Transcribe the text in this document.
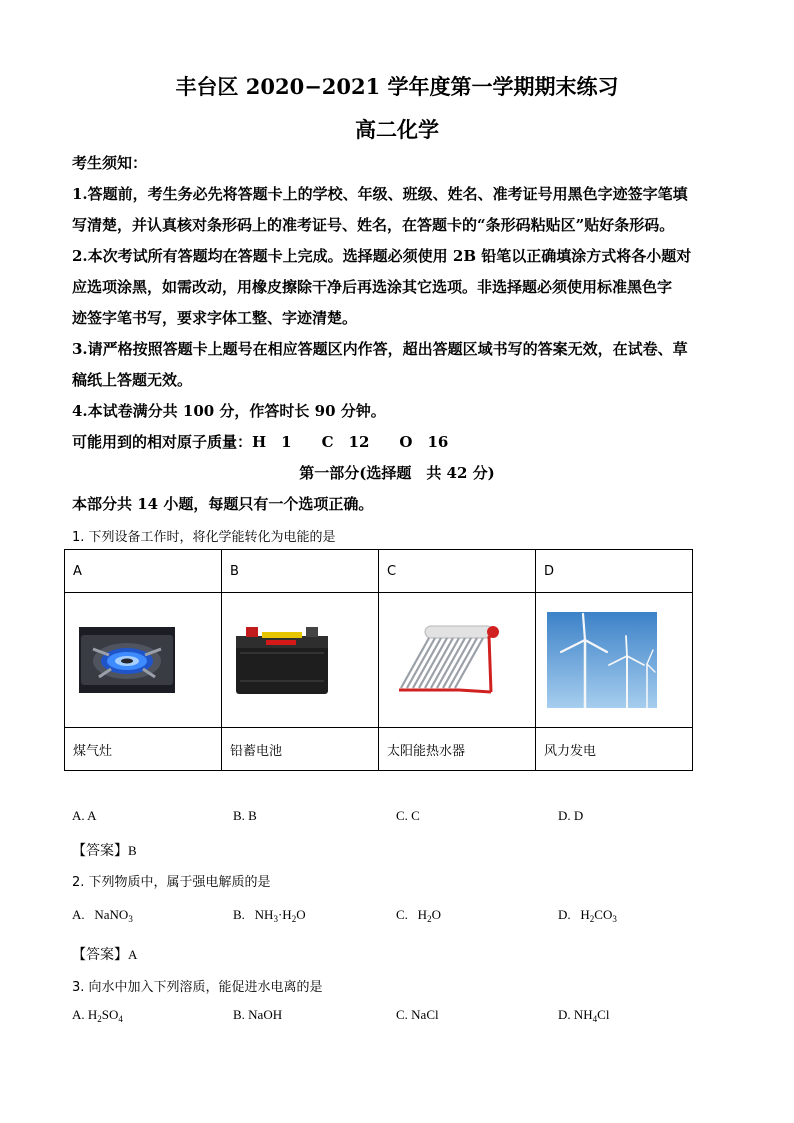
丰台区 2020−2021 学年度第一学期期末练习
高二化学
考生须知：
1.答题前，考生务必先将答题卡上的学校、年级、班级、姓名、准考证号用黑色字迹签字笔填
写清楚，并认真核对条形码上的准考证号、姓名，在答题卡的“条形码粘贴区”贴好条形码。
2.本次考试所有答题均在答题卡上完成。选择题必须使用 2B 铅笔以正确填涂方式将各小题对
应选项涂黑，如需改动，用橡皮擦除干净后再选涂其它选项。非选择题必须使用标准黑色字
迹签字笔书写，要求字体工整、字迹清楚。
3.请严格按照答题卡上题号在相应答题区内作答，超出答题区域书写的答案无效，在试卷、草
稿纸上答题无效。
4.本试卷满分共 100 分，作答时长 90 分钟。
可能用到的相对原子质量：H　1　　C　12　　O　16
第一部分(选择题　共 42 分)
本部分共 14 小题，每题只有一个选项正确。
1. 下列设备工作时，将化学能转化为电能的是
A	B	C	D

煤气灶	铅蓄电池	太阳能热水器	风力发电
A. A	B. B	C. C	D. D
【答案】B
2. 下列物质中，属于强电解质的是
A. NaNO$_3$	B. $NH_3\cdot H_2O$	C. $H_2O$	D. $H_2CO_3$
【答案】A
3. 向水中加入下列溶质，能促进水电离的是
A. $H_2SO_4$	B. NaOH	C. NaCl	D. $NH_4Cl$
